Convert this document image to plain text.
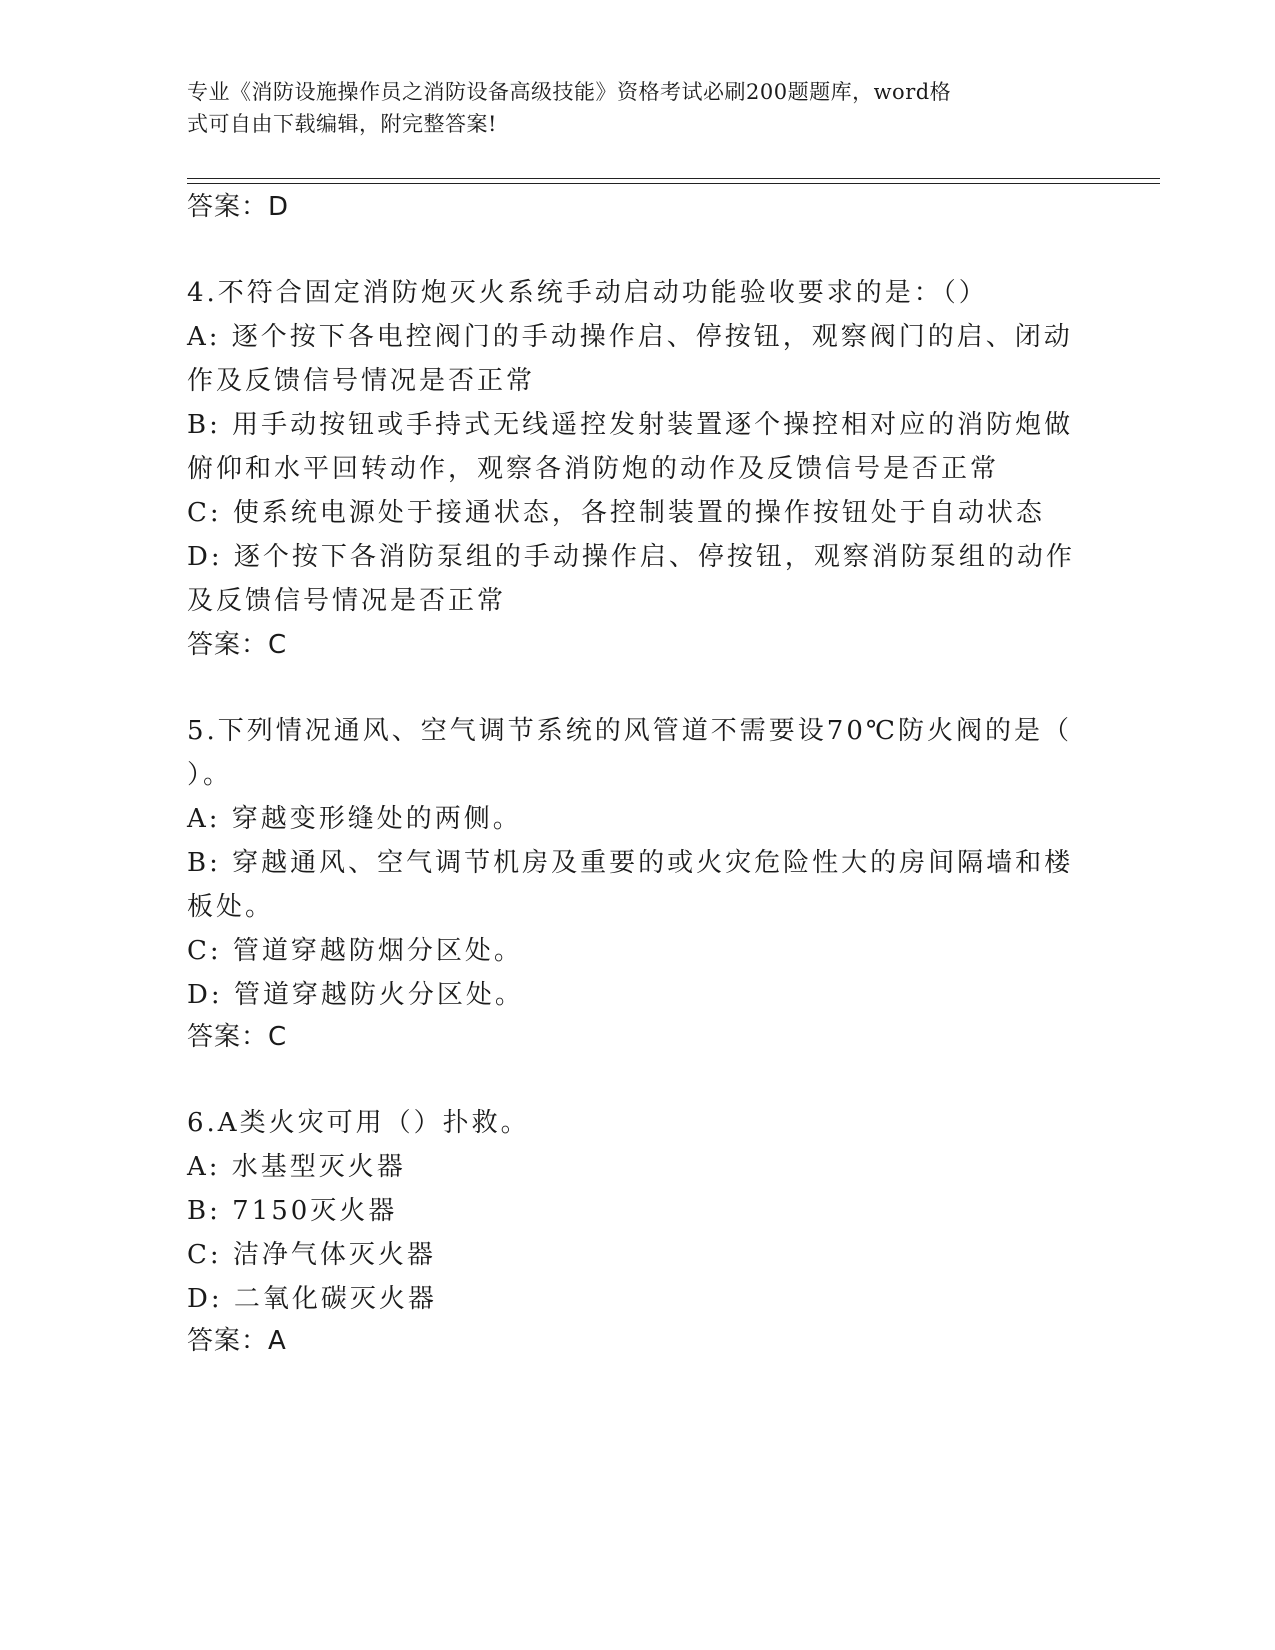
专业《消防设施操作员之消防设备高级技能》资格考试必刷200题题库，word格
式可自由下载编辑，附完整答案!
答案：D
4.不符合固定消防炮灭火系统手动启动功能验收要求的是：（）
A: 逐个按下各电控阀门的手动操作启、停按钮，观察阀门的启、闭动
作及反馈信号情况是否正常
B: 用手动按钮或手持式无线遥控发射装置逐个操控相对应的消防炮做
俯仰和水平回转动作，观察各消防炮的动作及反馈信号是否正常
C: 使系统电源处于接通状态，各控制装置的操作按钮处于自动状态
D: 逐个按下各消防泵组的手动操作启、停按钮，观察消防泵组的动作
及反馈信号情况是否正常
答案：C
5.下列情况通风、空气调节系统的风管道不需要设70℃防火阀的是（
）。
A: 穿越变形缝处的两侧。
B: 穿越通风、空气调节机房及重要的或火灾危险性大的房间隔墙和楼
板处。
C: 管道穿越防烟分区处。
D: 管道穿越防火分区处。
答案：C
6.A类火灾可用（）扑救。
A: 水基型灭火器
B: 7150灭火器
C: 洁净气体灭火器
D: 二氧化碳灭火器
答案：A
